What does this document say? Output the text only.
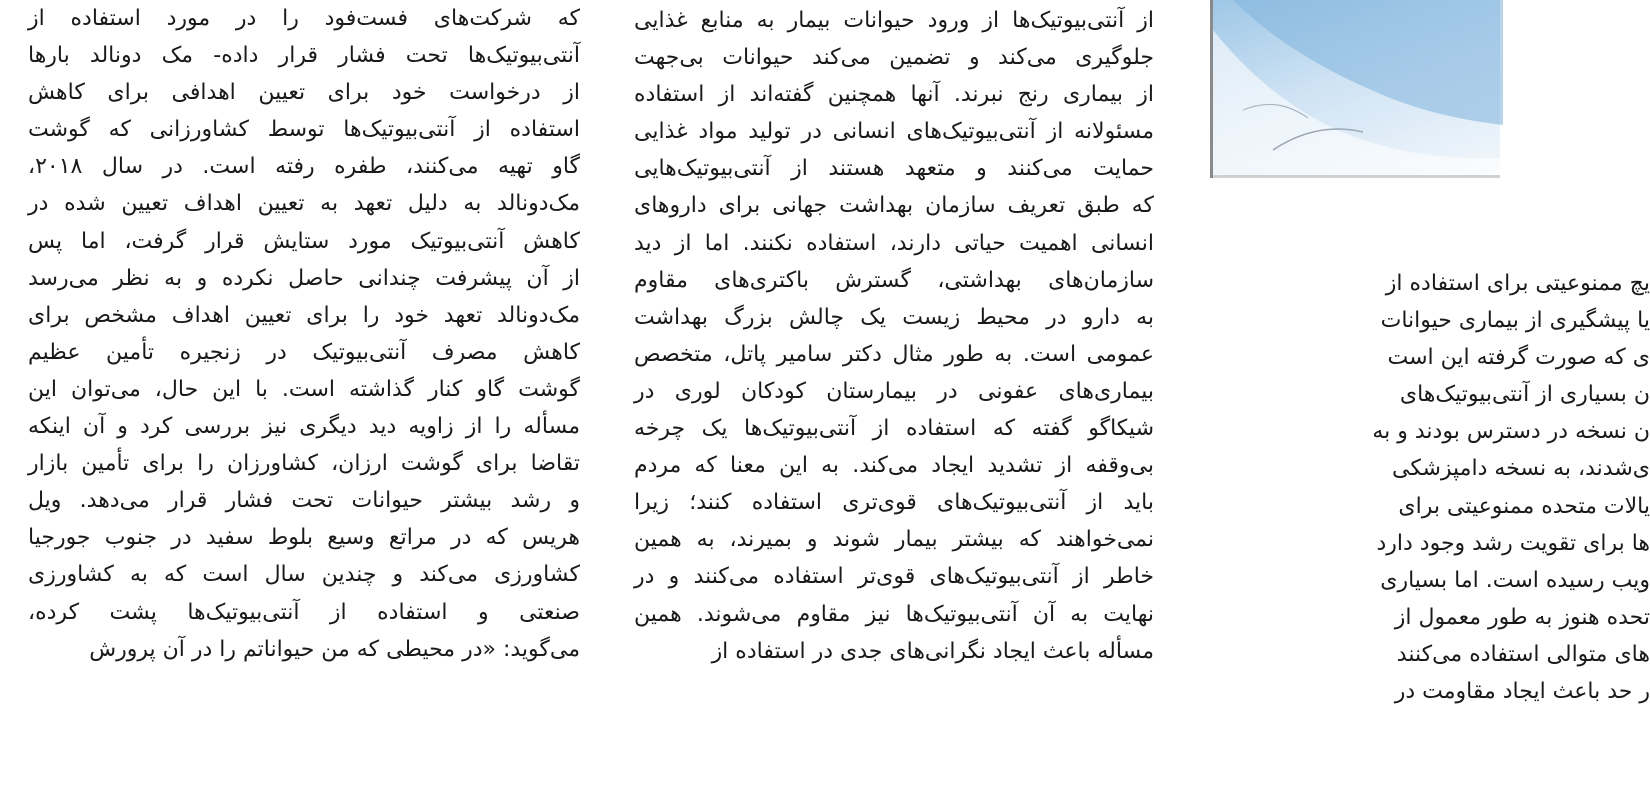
که شرکت‌های فست‌فود را در مورد استفاده از
آنتی‌بیوتیک‌ها تحت فشار قرار داده- مک دونالد بارها
از درخواست خود برای تعیین اهدافی برای کاهش
استفاده از آنتی‌بیوتیک‌ها توسط کشاورزانی که گوشت
گاو تهیه می‌کنند، طفره رفته است. در سال ۲۰۱۸،
مک‌دونالد به دلیل تعهد به تعیین اهداف تعیین شده در
کاهش آنتی‌بیوتیک مورد ستایش قرار گرفت، اما پس
از آن پیشرفت چندانی حاصل نکرده و به نظر می‌رسد
مک‌دونالد تعهد خود را برای تعیین اهداف مشخص برای
کاهش مصرف آنتی‌بیوتیک در زنجیره تأمین عظیم
گوشت گاو کنار گذاشته است. با این حال، می‌توان این
مسأله را از زاویه دید دیگری نیز بررسی کرد و آن اینکه
تقاضا برای گوشت ارزان، کشاورزان را برای تأمین بازار
و رشد بیشتر حیوانات تحت فشار قرار می‌دهد. ویل
هریس که در مراتع وسیع بلوط سفید در جنوب جورجیا
کشاورزی می‌کند و چندین سال است که به کشاورزی
صنعتی و استفاده از آنتی‌بیوتیک‌ها پشت کرده،
می‌گوید: «در محیطی که من حیواناتم را در آن پرورش
از آنتی‌بیوتیک‌ها از ورود حیوانات بیمار به منابع غذایی
جلوگیری می‌کند و تضمین می‌کند حیوانات بی‌جهت
از بیماری رنج نبرند. آنها همچنین گفته‌اند از استفاده
مسئولانه از آنتی‌بیوتیک‌های انسانی در تولید مواد غذایی
حمایت می‌کنند و متعهد هستند از آنتی‌بیوتیک‌هایی
که طبق تعریف سازمان بهداشت جهانی برای داروهای
انسانی اهمیت حیاتی دارند، استفاده نکنند. اما از دید
سازمان‌های بهداشتی، گسترش باکتری‌های مقاوم
به دارو در محیط زیست یک چالش بزرگ بهداشت
عمومی است. به طور مثال دکتر سامیر پاتل، متخصص
بیماری‌های عفونی در بیمارستان کودکان لوری در
شیکاگو گفته که استفاده از آنتی‌بیوتیک‌ها یک چرخه
بی‌وقفه از تشدید ایجاد می‌کند. به این معنا که مردم
باید از آنتی‌بیوتیک‌های قوی‌تری استفاده کنند؛ زیرا
نمی‌خواهند که بیشتر بیمار شوند و بمیرند، به همین
خاطر از آنتی‌بیوتیک‌های قوی‌تر استفاده می‌کنند و در
نهایت به آن آنتی‌بیوتیک‌ها نیز مقاوم می‌شوند. همین
مسأله باعث ایجاد نگرانی‌های جدی در استفاده از
یچ ممنوعیتی برای استفاده از
یا پیشگیری از بیماری حیوانات
ی که صورت گرفته این است
ن بسیاری از آنتی‌بیوتیک‌های
ن نسخه در دسترس بودند و به
ی‌شدند، به نسخه دامپزشکی
یالات متحده ممنوعیتی برای
ها برای تقویت رشد وجود دارد
ویب رسیده است. اما بسیاری
تحده هنوز به طور معمول از
های متوالی استفاده می‌کنند
ر حد باعث ایجاد مقاومت در
